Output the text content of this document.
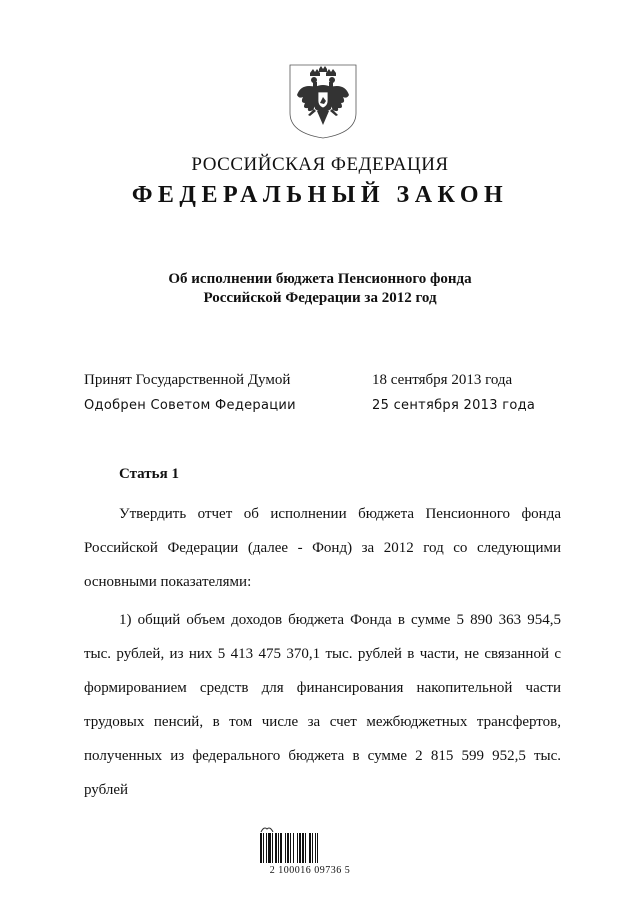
РОССИЙСКАЯ ФЕДЕРАЦИЯ
ФЕДЕРАЛЬНЫЙ ЗАКОН
Об исполнении бюджета Пенсионного фонда
Российской Федерации за 2012 год
Принят Государственной Думой	18 сентября 2013 года
Одобрен Советом Федерации	25 сентября 2013 года
Статья 1

Утвердить отчет об исполнении бюджета Пенсионного фонда Российской Федерации (далее - Фонд) за 2012 год со следующими основными показателями:

1) общий объем доходов бюджета Фонда в сумме 5 890 363 954,5 тыс. рублей, из них 5 413 475 370,1 тыс. рублей в части, не связанной с формированием средств для финансирования накопительной части трудовых пенсий, в том числе за счет межбюджетных трансфертов, полученных из федерального бюджета в сумме 2 815 599 952,5 тыс. рублей

2 100016 09736 5
